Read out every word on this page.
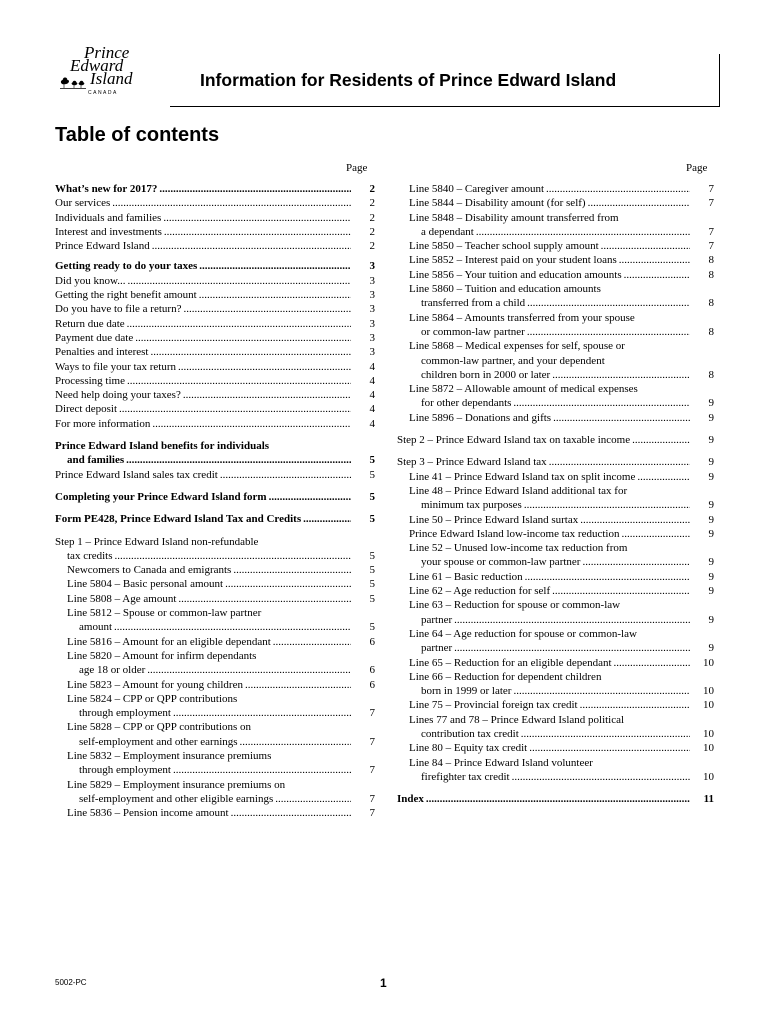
Prince
Edward
Island
CANADA
Information for Residents of Prince Edward Island
Table of contents
Page	Page
What’s new for 2017? .....	2
Our services .....	2
Individuals and families .....	2
Interest and investments .....	2
Prince Edward Island .....	2
Getting ready to do your taxes .....	3
Did you know... .....	3
Getting the right benefit amount .....	3
Do you have to file a return? .....	3
Return due date .....	3
Payment due date .....	3
Penalties and interest .....	3
Ways to file your tax return .....	4
Processing time .....	4
Need help doing your taxes? .....	4
Direct deposit .....	4
For more information .....	4
Prince Edward Island benefits for individuals
and families .....	5
Prince Edward Island sales tax credit .....	5
Completing your Prince Edward Island form .....	5
Form PE428, Prince Edward Island Tax and Credits .....	5
Step 1 – Prince Edward Island non-refundable
tax credits .....	5
Newcomers to Canada and emigrants .....	5
Line 5804 – Basic personal amount .....	5
Line 5808 – Age amount .....	5
Line 5812 – Spouse or common-law partner
amount .....	5
Line 5816 – Amount for an eligible dependant .....	6
Line 5820 – Amount for infirm dependants
age 18 or older .....	6
Line 5823 – Amount for young children .....	6
Line 5824 – CPP or QPP contributions
through employment .....	7
Line 5828 – CPP or QPP contributions on
self-employment and other earnings .....	7
Line 5832 – Employment insurance premiums
through employment .....	7
Line 5829 – Employment insurance premiums on
self-employment and other eligible earnings .....	7
Line 5836 – Pension income amount .....	7
Line 5840 – Caregiver amount .....	7
Line 5844 – Disability amount (for self) .....	7
Line 5848 – Disability amount transferred from
a dependant .....	7
Line 5850 – Teacher school supply amount .....	7
Line 5852 – Interest paid on your student loans .....	8
Line 5856 – Your tuition and education amounts .....	8
Line 5860 – Tuition and education amounts
transferred from a child .....	8
Line 5864 – Amounts transferred from your spouse
or common-law partner .....	8
Line 5868 – Medical expenses for self, spouse or
common-law partner, and your dependent
children born in 2000 or later .....	8
Line 5872 – Allowable amount of medical expenses
for other dependants .....	9
Line 5896 – Donations and gifts .....	9
Step 2 – Prince Edward Island tax on taxable income .....	9
Step 3 – Prince Edward Island tax .....	9
Line 41 – Prince Edward Island tax on split income .....	9
Line 48 – Prince Edward Island additional tax for
minimum tax purposes .....	9
Line 50 – Prince Edward Island surtax .....	9
Prince Edward Island low-income tax reduction .....	9
Line 52 – Unused low-income tax reduction from
your spouse or common-law partner .....	9
Line 61 – Basic reduction .....	9
Line 62 – Age reduction for self .....	9
Line 63 – Reduction for spouse or common-law
partner .....	9
Line 64 – Age reduction for spouse or common-law
partner .....	9
Line 65 – Reduction for an eligible dependant .....	10
Line 66 – Reduction for dependent children
born in 1999 or later .....	10
Line 75 – Provincial foreign tax credit .....	10
Lines 77 and 78 – Prince Edward Island political
contribution tax credit .....	10
Line 80 – Equity tax credit .....	10
Line 84 – Prince Edward Island volunteer
firefighter tax credit .....	10
Index .....	11
5002-PC	1
